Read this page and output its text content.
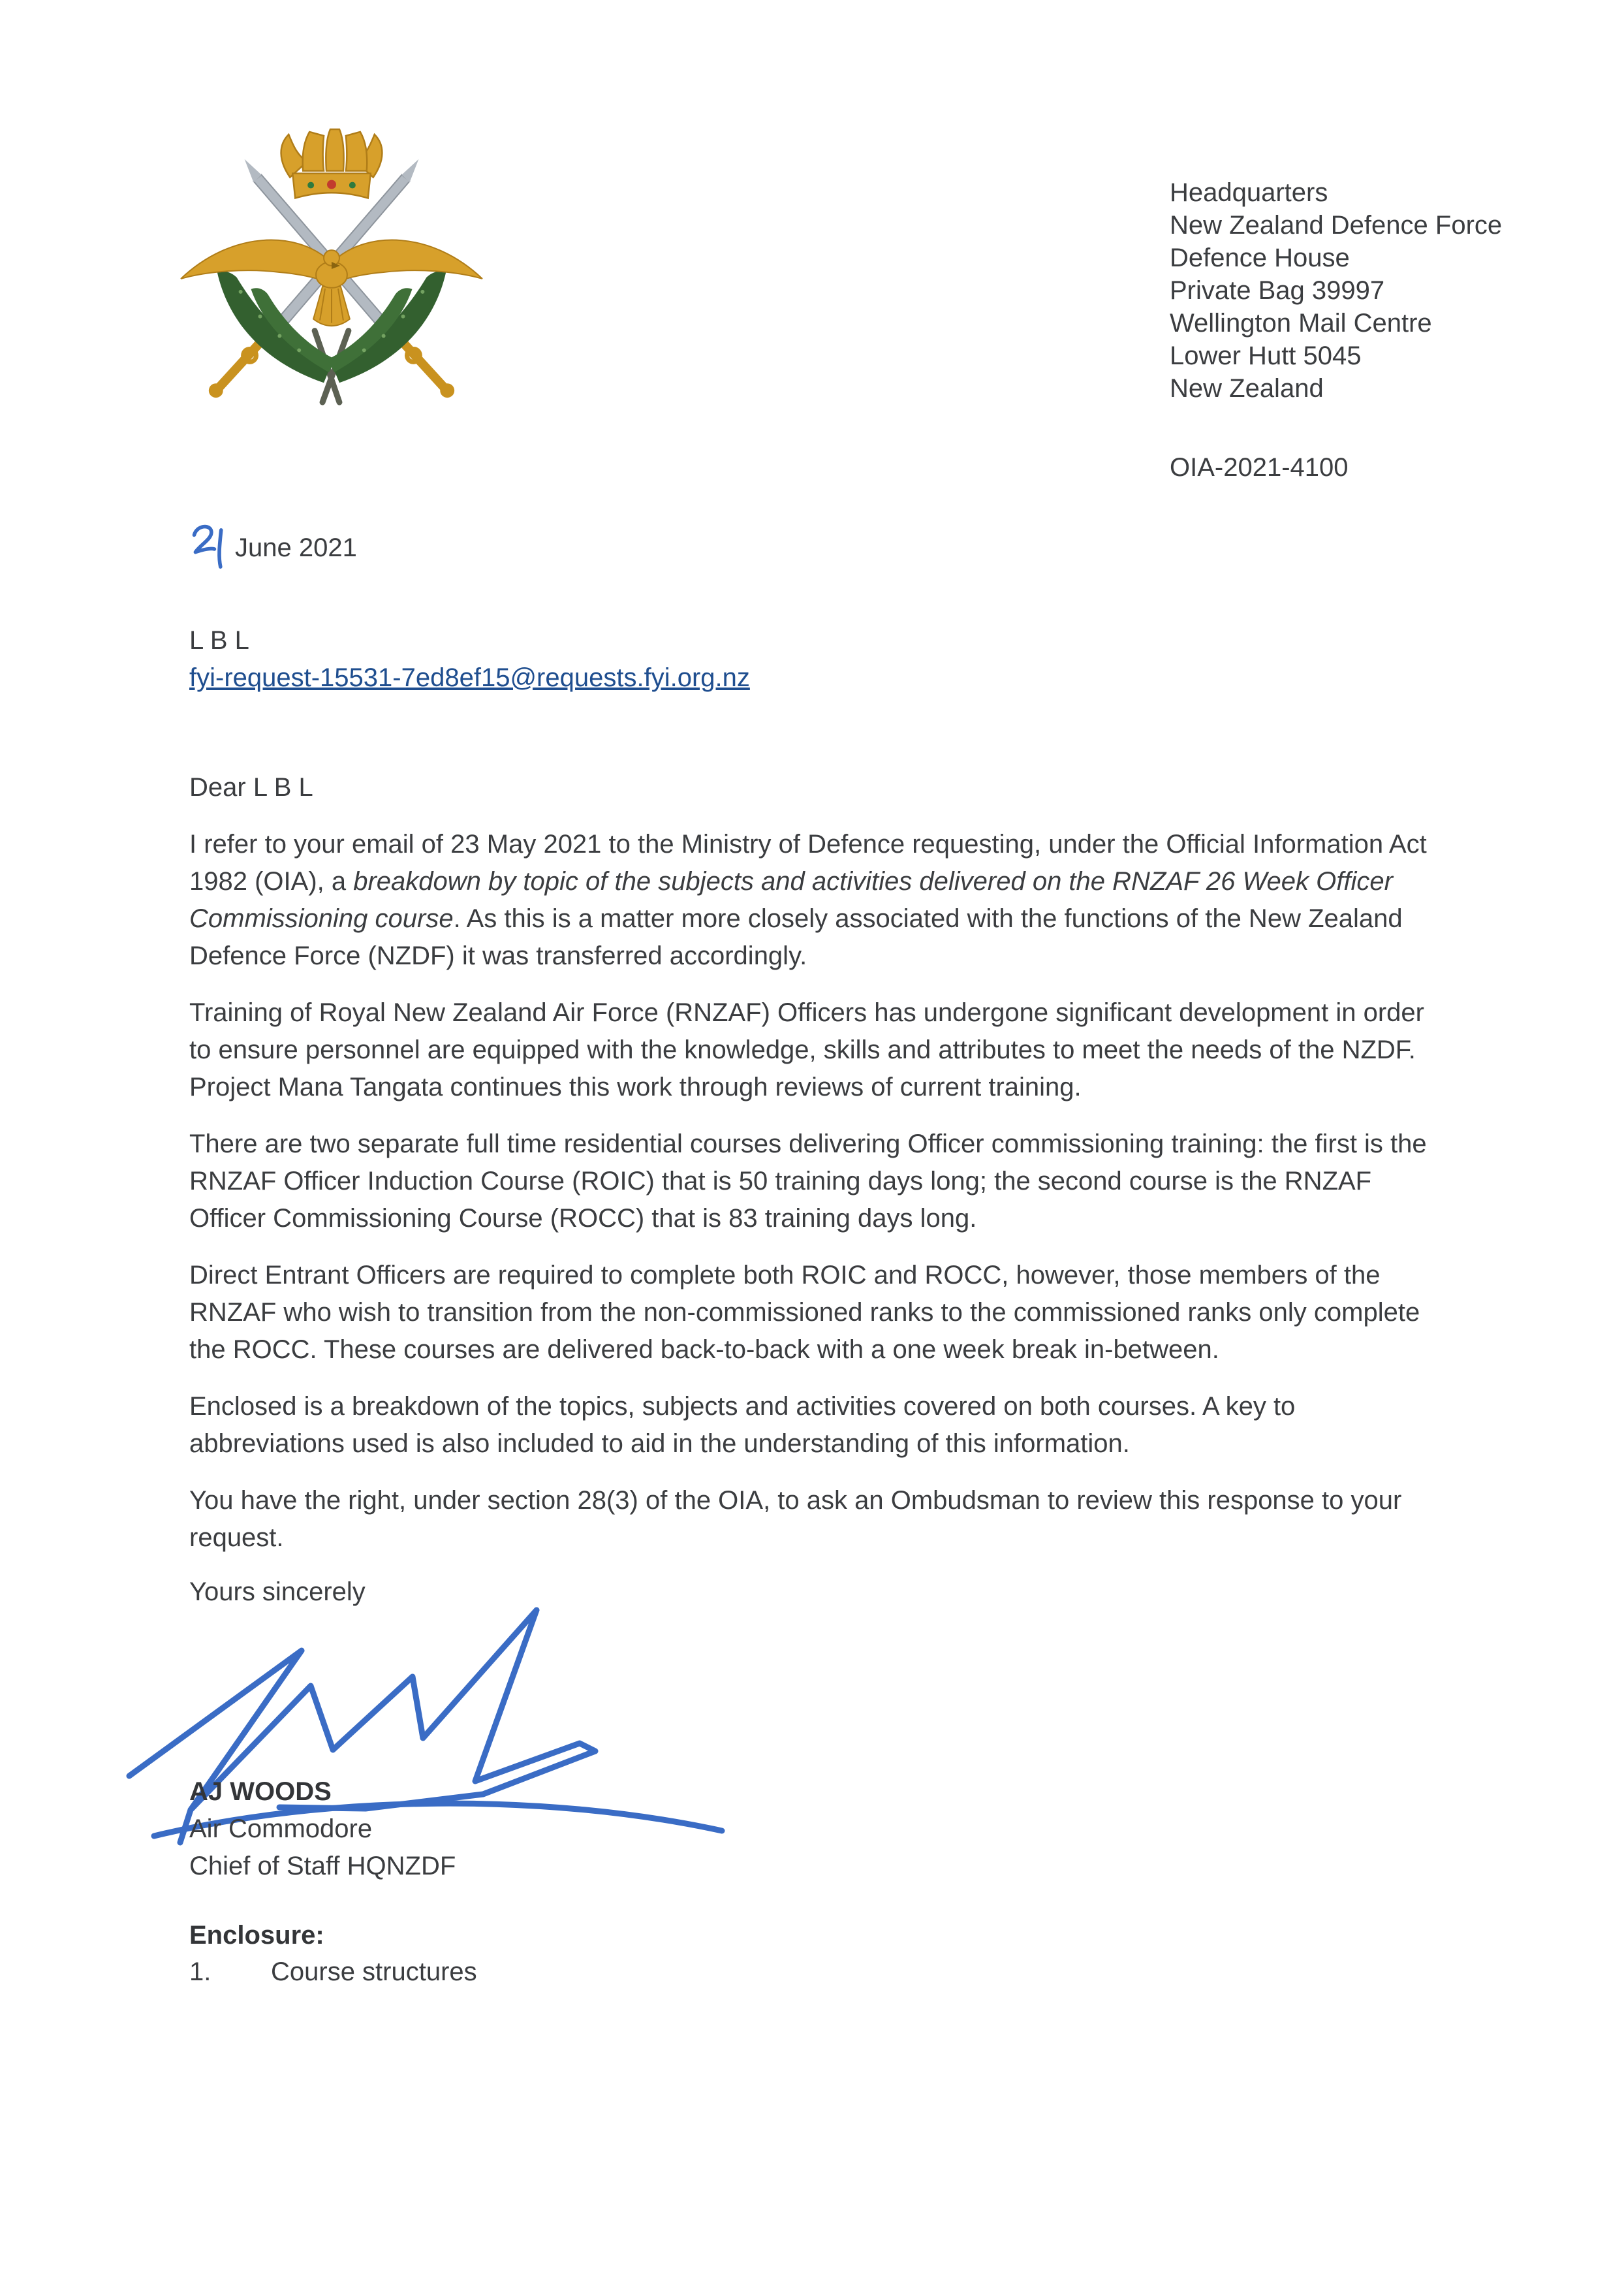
Headquarters
New Zealand Defence Force
Defence House
Private Bag 39997
Wellington Mail Centre
Lower Hutt 5045
New Zealand
OIA-2021-4100
June 2021
L B L
fyi-request-15531-7ed8ef15@requests.fyi.org.nz

Dear L B L

I refer to your email of 23 May 2021 to the Ministry of Defence requesting, under the Official Information Act 1982 (OIA), a breakdown by topic of the subjects and activities delivered on the RNZAF 26 Week Officer Commissioning course. As this is a matter more closely associated with the functions of the New Zealand Defence Force (NZDF) it was transferred accordingly.

Training of Royal New Zealand Air Force (RNZAF) Officers has undergone significant development in order to ensure personnel are equipped with the knowledge, skills and attributes to meet the needs of the NZDF. Project Mana Tangata continues this work through reviews of current training.

There are two separate full time residential courses delivering Officer commissioning training: the first is the RNZAF Officer Induction Course (ROIC) that is 50 training days long; the second course is the RNZAF Officer Commissioning Course (ROCC) that is 83 training days long.

Direct Entrant Officers are required to complete both ROIC and ROCC, however, those members of the RNZAF who wish to transition from the non-commissioned ranks to the commissioned ranks only complete the ROCC. These courses are delivered back-to-back with a one week break in-between.

Enclosed is a breakdown of the topics, subjects and activities covered on both courses. A key to abbreviations used is also included to aid in the understanding of this information.

You have the right, under section 28(3) of the OIA, to ask an Ombudsman to review this response to your request.

Yours sincerely

AJ WOODS
Air Commodore
Chief of Staff HQNZDF
Enclosure:
1. Course structures
